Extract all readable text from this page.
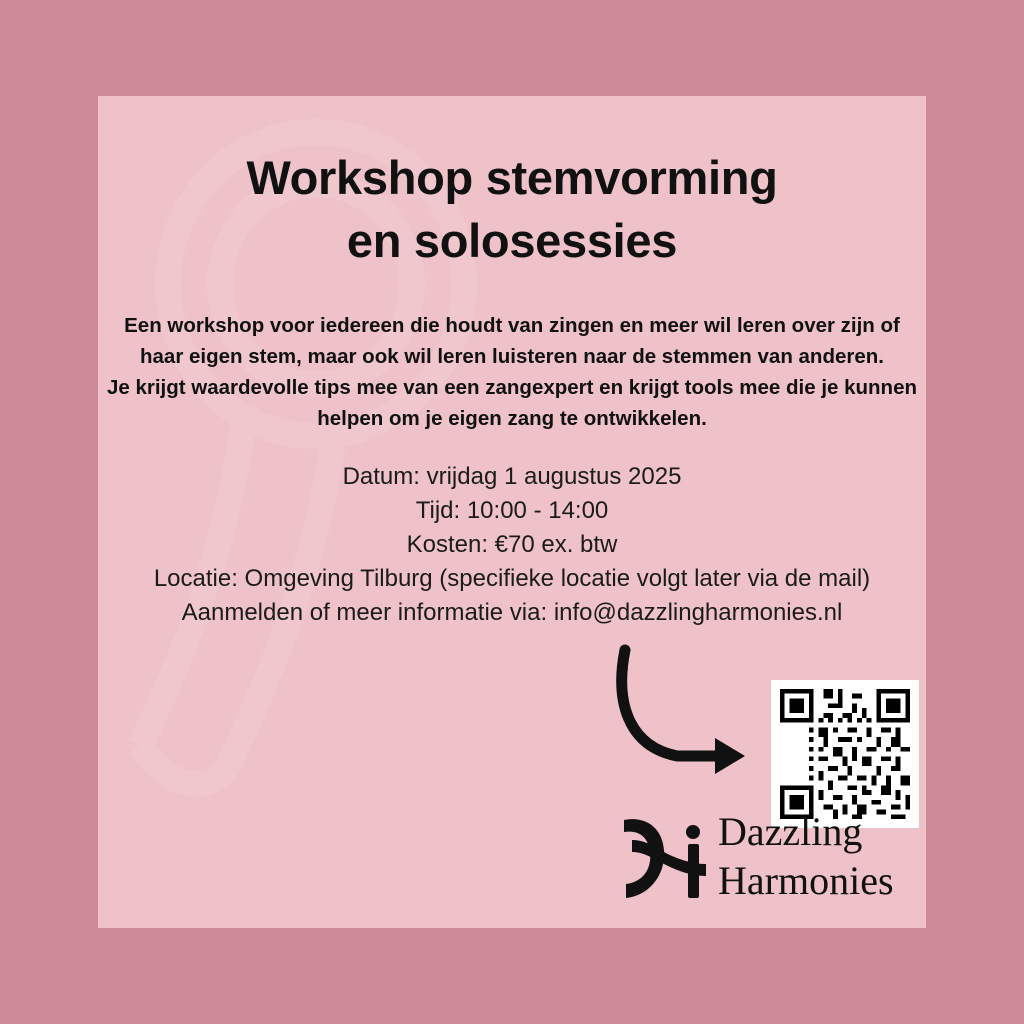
Workshop stemvorming
en solosessies

Een workshop voor iedereen die houdt van zingen en meer wil leren over zijn of

haar eigen stem, maar ook wil leren luisteren naar de stemmen van anderen.

Je krijgt waardevolle tips mee van een zangexpert en krijgt tools mee die je kunnen

helpen om je eigen zang te ontwikkelen.

Datum: vrijdag 1 augustus 2025

Tijd: 10:00 - 14:00

Kosten: €70 ex. btw

Locatie: Omgeving Tilburg (specifieke locatie volgt later via de mail)

Aanmelden of meer informatie via: info@dazzlingharmonies.nl

Dazzling
Harmonies
